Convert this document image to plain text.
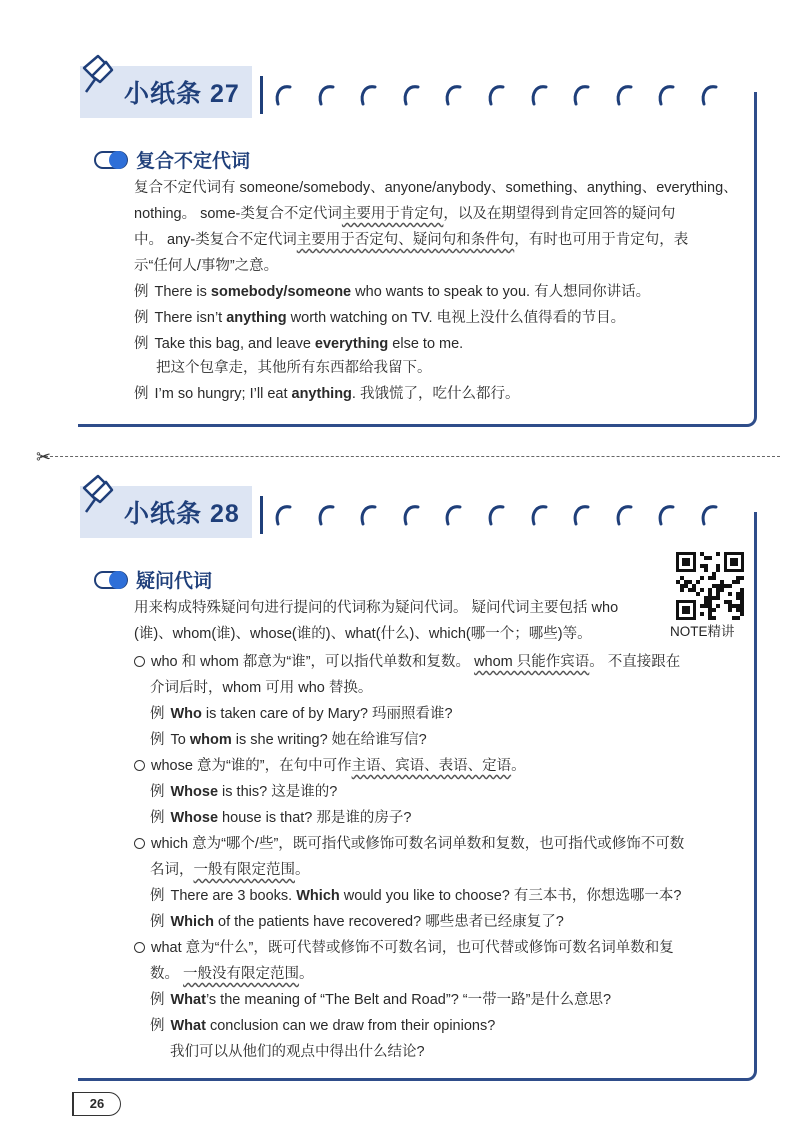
小纸条 27
复合不定代词
复合不定代词有 someone/somebody、anyone/anybody、something、anything、everything、
nothing。 some-类复合不定代词主要用于肯定句，以及在期望得到肯定回答的疑问句
中。 any-类复合不定代词主要用于否定句、疑问句和条件句，有时也可用于肯定句，表
示“任何人/事物”之意。
例 There is somebody/someone who wants to speak to you. 有人想同你讲话。
例 There isn’t anything worth watching on TV. 电视上没什么值得看的节目。
例 Take this bag, and leave everything else to me.
把这个包拿走，其他所有东西都给我留下。
例 I’m so hungry; I’ll eat anything. 我饿慌了，吃什么都行。
✂
小纸条 28
疑问代词
NOTE精讲
用来构成特殊疑问句进行提问的代词称为疑问代词。 疑问代词主要包括 who
(谁)、whom(谁)、whose(谁的)、what(什么)、which(哪一个；哪些)等。
who 和 whom 都意为“谁”，可以指代单数和复数。 whom 只能作宾语。 不直接跟在
介词后时，whom 可用 who 替换。
例 Who is taken care of by Mary? 玛丽照看谁?
例 To whom is she writing? 她在给谁写信?
whose 意为“谁的”，在句中可作主语、宾语、表语、定语。
例 Whose is this? 这是谁的?
例 Whose house is that? 那是谁的房子?
which 意为“哪个/些”，既可指代或修饰可数名词单数和复数，也可指代或修饰不可数
名词，一般有限定范围。
例 There are 3 books. Which would you like to choose? 有三本书，你想选哪一本?
例 Which of the patients have recovered? 哪些患者已经康复了?
what 意为“什么”，既可代替或修饰不可数名词，也可代替或修饰可数名词单数和复
数。 一般没有限定范围。
例 What’s the meaning of “The Belt and Road”? “一带一路”是什么意思?
例 What conclusion can we draw from their opinions?
我们可以从他们的观点中得出什么结论?
26
